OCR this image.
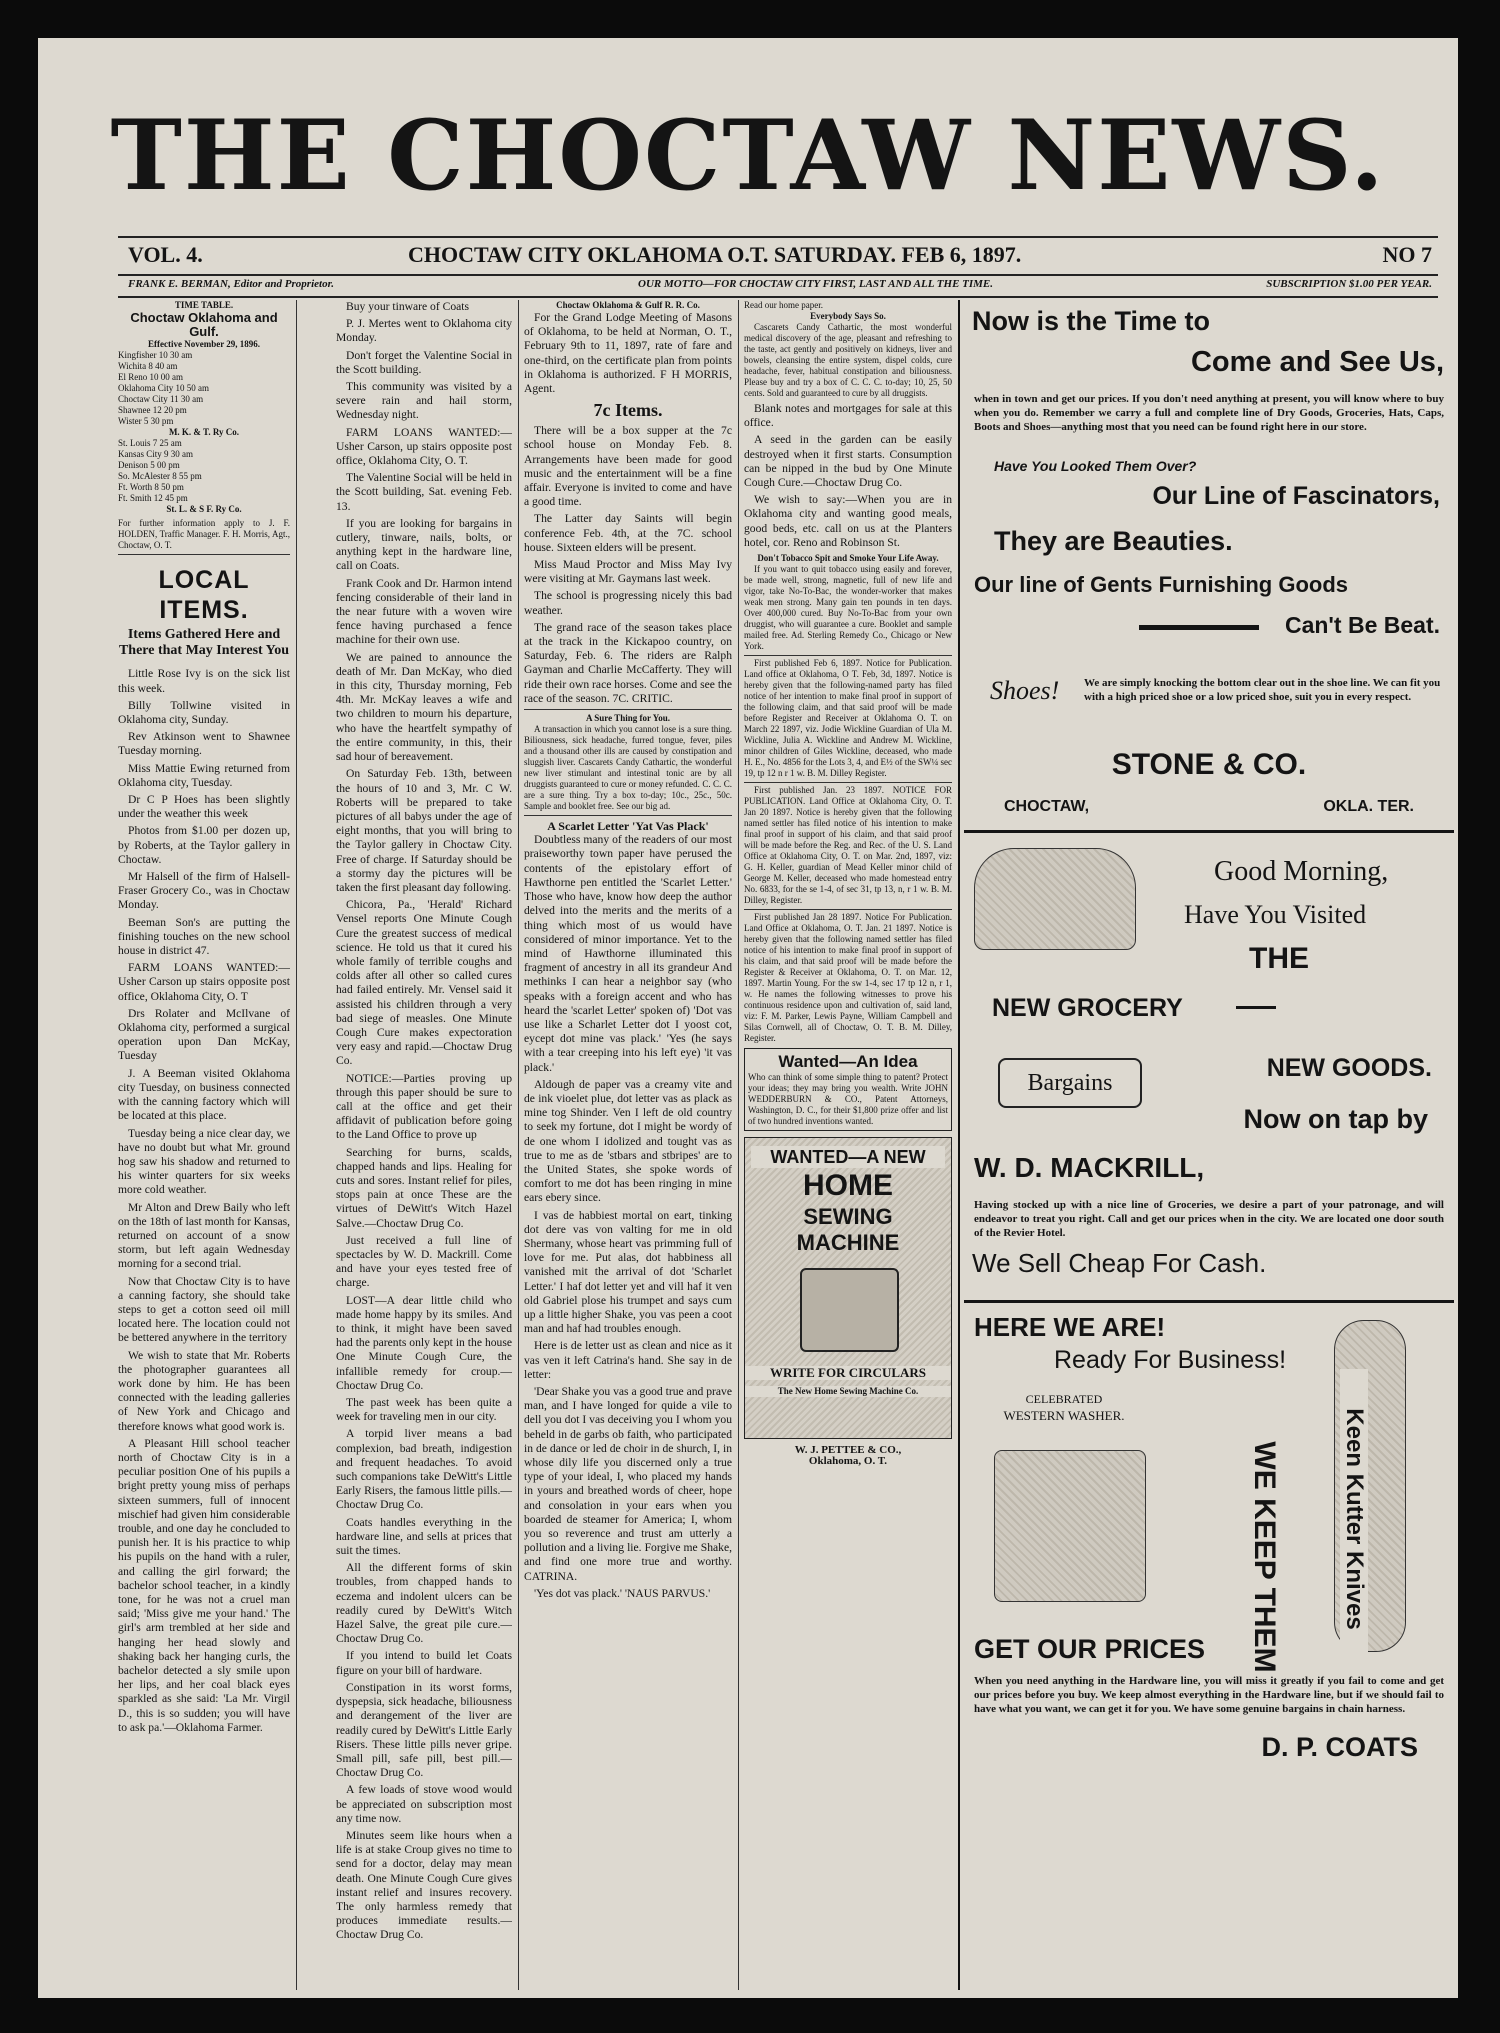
THE CHOCTAW NEWS.
VOL. 4.	CHOCTAW CITY OKLAHOMA O.T. SATURDAY. FEB 6, 1897.	NO 7
FRANK E. BERMAN, Editor and Proprietor.	OUR MOTTO—FOR CHOCTAW CITY FIRST, LAST AND ALL THE TIME.	SUBSCRIPTION $1.00 PER YEAR.
TIME TABLE.
Choctaw Oklahoma and Gulf.
Effective November 29, 1896.
Kingfisher 10 30 am
Wichita 8 40 am
El Reno 10 00 am
Oklahoma City 10 50 am
Choctaw City 11 30 am
Shawnee 12 20 pm
Wister 5 30 pm
M. K. & T. Ry Co.
St. Louis 7 25 am
Kansas City 9 30 am
Denison 5 00 pm
So. McAlester 8 55 pm
Ft. Worth 8 50 pm
Ft. Smith 12 45 pm
St. L. & S F. Ry Co.
For further information apply to J. F. HOLDEN, Traffic Manager. F. H. Morris, Agt., Choctaw, O. T.
LOCAL ITEMS.
Items Gathered Here and There that May Interest You

Little Rose Ivy is on the sick list this week.

Billy Tollwine visited in Oklahoma city, Sunday.

Rev Atkinson went to Shawnee Tuesday morning.

Miss Mattie Ewing returned from Oklahoma city, Tuesday.

Dr C P Hoes has been slightly under the weather this week

Photos from $1.00 per dozen up, by Roberts, at the Taylor gallery in Choctaw.

Mr Halsell of the firm of Halsell-Fraser Grocery Co., was in Choctaw Monday.

Beeman Son's are putting the finishing touches on the new school house in district 47.

FARM LOANS WANTED:—Usher Carson up stairs opposite post office, Oklahoma City, O. T

Drs Rolater and McIlvane of Oklahoma city, performed a surgical operation upon Dan McKay, Tuesday

J. A Beeman visited Oklahoma city Tuesday, on business connected with the canning factory which will be located at this place.

Tuesday being a nice clear day, we have no doubt but what Mr. ground hog saw his shadow and returned to his winter quarters for six weeks more cold weather.

Mr Alton and Drew Baily who left on the 18th of last month for Kansas, returned on account of a snow storm, but left again Wednesday morning for a second trial.

Now that Choctaw City is to have a canning factory, she should take steps to get a cotton seed oil mill located here. The location could not be bettered anywhere in the territory

We wish to state that Mr. Roberts the photographer guarantees all work done by him. He has been connected with the leading galleries of New York and Chicago and therefore knows what good work is.

A Pleasant Hill school teacher north of Choctaw City is in a peculiar position One of his pupils a bright pretty young miss of perhaps sixteen summers, full of innocent mischief had given him considerable trouble, and one day he concluded to punish her. It is his practice to whip his pupils on the hand with a ruler, and calling the girl forward; the bachelor school teacher, in a kindly tone, for he was not a cruel man said; 'Miss give me your hand.' The girl's arm trembled at her side and hanging her head slowly and shaking back her hanging curls, the bachelor detected a sly smile upon her lips, and her coal black eyes sparkled as she said: 'La Mr. Virgil D., this is so sudden; you will have to ask pa.'—Oklahoma Farmer.

Buy your tinware of Coats

P. J. Mertes went to Oklahoma city Monday.

Don't forget the Valentine Social in the Scott building.

This community was visited by a severe rain and hail storm, Wednesday night.

FARM LOANS WANTED:—Usher Carson, up stairs opposite post office, Oklahoma City, O. T.

The Valentine Social will be held in the Scott building, Sat. evening Feb. 13.

If you are looking for bargains in cutlery, tinware, nails, bolts, or anything kept in the hardware line, call on Coats.

Frank Cook and Dr. Harmon intend fencing considerable of their land in the near future with a woven wire fence having purchased a fence machine for their own use.

We are pained to announce the death of Mr. Dan McKay, who died in this city, Thursday morning, Feb 4th. Mr. McKay leaves a wife and two children to mourn his departure, who have the heartfelt sympathy of the entire community, in this, their sad hour of bereavement.

On Saturday Feb. 13th, between the hours of 10 and 3, Mr. C W. Roberts will be prepared to take pictures of all babys under the age of eight months, that you will bring to the Taylor gallery in Choctaw City. Free of charge. If Saturday should be a stormy day the pictures will be taken the first pleasant day following.

Chicora, Pa., 'Herald' Richard Vensel reports One Minute Cough Cure the greatest success of medical science. He told us that it cured his whole family of terrible coughs and colds after all other so called cures had failed entirely. Mr. Vensel said it assisted his children through a very bad siege of measles. One Minute Cough Cure makes expectoration very easy and rapid.—Choctaw Drug Co.

NOTICE:—Parties proving up through this paper should be sure to call at the office and get their affidavit of publication before going to the Land Office to prove up

Searching for burns, scalds, chapped hands and lips. Healing for cuts and sores. Instant relief for piles, stops pain at once These are the virtues of DeWitt's Witch Hazel Salve.—Choctaw Drug Co.

Just received a full line of spectacles by W. D. Mackrill. Come and have your eyes tested free of charge.

LOST—A dear little child who made home happy by its smiles. And to think, it might have been saved had the parents only kept in the house One Minute Cough Cure, the infallible remedy for croup.—Choctaw Drug Co.

The past week has been quite a week for traveling men in our city.

A torpid liver means a bad complexion, bad breath, indigestion and frequent headaches. To avoid such companions take DeWitt's Little Early Risers, the famous little pills.—Choctaw Drug Co.

Coats handles everything in the hardware line, and sells at prices that suit the times.

All the different forms of skin troubles, from chapped hands to eczema and indolent ulcers can be readily cured by DeWitt's Witch Hazel Salve, the great pile cure.—Choctaw Drug Co.

If you intend to build let Coats figure on your bill of hardware.

Constipation in its worst forms, dyspepsia, sick headache, biliousness and derangement of the liver are readily cured by DeWitt's Little Early Risers. These little pills never gripe. Small pill, safe pill, best pill.—Choctaw Drug Co.

A few loads of stove wood would be appreciated on subscription most any time now.

Minutes seem like hours when a life is at stake Croup gives no time to send for a doctor, delay may mean death. One Minute Cough Cure gives instant relief and insures recovery. The only harmless remedy that produces immediate results.—Choctaw Drug Co.

Choctaw Oklahoma & Gulf R. R. Co.

For the Grand Lodge Meeting of Masons of Oklahoma, to be held at Norman, O. T., February 9th to 11, 1897, rate of fare and one-third, on the certificate plan from points in Oklahoma is authorized. F H MORRIS, Agent.

7c Items.

There will be a box supper at the 7c school house on Monday Feb. 8. Arrangements have been made for good music and the entertainment will be a fine affair. Everyone is invited to come and have a good time.

The Latter day Saints will begin conference Feb. 4th, at the 7C. school house. Sixteen elders will be present.

Miss Maud Proctor and Miss May Ivy were visiting at Mr. Gaymans last week.

The school is progressing nicely this bad weather.

The grand race of the season takes place at the track in the Kickapoo country, on Saturday, Feb. 6. The riders are Ralph Gayman and Charlie McCafferty. They will ride their own race horses. Come and see the race of the season. 7C. CRITIC.

A Sure Thing for You.

A transaction in which you cannot lose is a sure thing. Biliousness, sick headache, furred tongue, fever, piles and a thousand other ills are caused by constipation and sluggish liver. Cascarets Candy Cathartic, the wonderful new liver stimulant and intestinal tonic are by all druggists guaranteed to cure or money refunded. C. C. C. are a sure thing. Try a box to-day; 10c., 25c., 50c. Sample and booklet free. See our big ad.

A Scarlet Letter 'Yat Vas Plack'

Doubtless many of the readers of our most praiseworthy town paper have perused the contents of the epistolary effort of Hawthorne pen entitled the 'Scarlet Letter.' Those who have, know how deep the author delved into the merits and the merits of a thing which most of us would have considered of minor importance. Yet to the mind of Hawthorne illuminated this fragment of ancestry in all its grandeur And methinks I can hear a neighbor say (who speaks with a foreign accent and who has heard the 'scarlet Letter' spoken of) 'Dot vas use like a Scharlet Letter dot I yoost cot, eycept dot mine vas plack.' 'Yes (he says with a tear creeping into his left eye) 'it vas plack.'

Aldough de paper vas a creamy vite and de ink vioelet plue, dot letter vas as plack as mine tog Shinder. Ven I left de old country to seek my fortune, dot I might be wordy of de one whom I idolized and tought vas as true to me as de 'stbars and stbripes' are to the United States, she spoke words of comfort to me dot has been ringing in mine ears ebery since.

I vas de habbiest mortal on eart, tinking dot dere vas von valting for me in old Shermany, whose heart vas primming full of love for me. Put alas, dot habbiness all vanished mit the arrival of dot 'Scharlet Letter.' I haf dot letter yet and vill haf it ven old Gabriel plose his trumpet and says cum up a little higher Shake, you vas peen a coot man and haf had troubles enough.

Here is de letter ust as clean and nice as it vas ven it left Catrina's hand. She say in de letter:

'Dear Shake you vas a good true and prave man, and I have longed for quide a vile to dell you dot I vas deceiving you I whom you beheld in de garbs ob faith, who participated in de dance or led de choir in de shurch, I, in whose dily life you discerned only a true type of your ideal, I, who placed my hands in yours and breathed words of cheer, hope and consolation in your ears when you boarded de steamer for America; I, whom you so reverence and trust am utterly a pollution and a living lie. Forgive me Shake, and find one more true and worthy. CATRINA.

'Yes dot vas plack.' 'NAUS PARVUS.'

Read our home paper.
Everybody Says So.

Cascarets Candy Cathartic, the most wonderful medical discovery of the age, pleasant and refreshing to the taste, act gently and positively on kidneys, liver and bowels, cleansing the entire system, dispel colds, cure headache, fever, habitual constipation and biliousness. Please buy and try a box of C. C. C. to-day; 10, 25, 50 cents. Sold and guaranteed to cure by all druggists.

Blank notes and mortgages for sale at this office.

A seed in the garden can be easily destroyed when it first starts. Consumption can be nipped in the bud by One Minute Cough Cure.—Choctaw Drug Co.

We wish to say:—When you are in Oklahoma city and wanting good meals, good beds, etc. call on us at the Planters hotel, cor. Reno and Robinson St.

Don't Tobacco Spit and Smoke Your Life Away.

If you want to quit tobacco using easily and forever, be made well, strong, magnetic, full of new life and vigor, take No-To-Bac, the wonder-worker that makes weak men strong. Many gain ten pounds in ten days. Over 400,000 cured. Buy No-To-Bac from your own druggist, who will guarantee a cure. Booklet and sample mailed free. Ad. Sterling Remedy Co., Chicago or New York.

First published Feb 6, 1897. Notice for Publication. Land office at Oklahoma, O T. Feb, 3d, 1897. Notice is hereby given that the following-named party has filed notice of her intention to make final proof in support of the following claim, and that said proof will be made before Register and Receiver at Oklahoma O. T. on March 22 1897, viz. Jodie Wickline Guardian of Ula M. Wickline, Julia A. Wickline and Andrew M. Wickline, minor children of Giles Wickline, deceased, who made H. E., No. 4856 for the Lots 3, 4, and E½ of the SW¼ sec 19, tp 12 n r 1 w. B. M. Dilley Register.

First published Jan. 23 1897. NOTICE FOR PUBLICATION. Land Office at Oklahoma City, O. T. Jan 20 1897. Notice is hereby given that the following named settler has filed notice of his intention to make final proof in support of his claim, and that said proof will be made before the Reg. and Rec. of the U. S. Land Office at Oklahoma City, O. T. on Mar. 2nd, 1897, viz: G. H. Keller, guardian of Mead Keller minor child of George M. Keller, deceased who made homestead entry No. 6833, for the se 1-4, of sec 31, tp 13, n, r 1 w. B. M. Dilley, Register.

First published Jan 28 1897. Notice For Publication. Land Office at Oklahoma, O. T. Jan. 21 1897. Notice is hereby given that the following named settler has filed notice of his intention to make final proof in support of his claim, and that said proof will be made before the Register & Receiver at Oklahoma, O. T. on Mar. 12, 1897. Martin Young. For the sw 1-4, sec 17 tp 12 n, r 1, w. He names the following witnesses to prove his continuous residence upon and cultivation of, said land, viz: F. M. Parker, Lewis Payne, William Campbell and Silas Cornwell, all of Choctaw, O. T. B. M. Dilley, Register.

Wanted—An Idea
Who can think of some simple thing to patent? Protect your ideas; they may bring you wealth. Write JOHN WEDDERBURN & CO., Patent Attorneys, Washington, D. C., for their $1,800 prize offer and list of two hundred inventions wanted.
WANTED—A NEW
HOME
SEWING
MACHINE
WRITE FOR CIRCULARS
The New Home Sewing Machine Co.
W. J. PETTEE & CO.,
Oklahoma, O. T.
Now is the Time to
Come and See Us,
when in town and get our prices. If you don't need anything at present, you will know where to buy when you do. Remember we carry a full and complete line of Dry Goods, Groceries, Hats, Caps, Boots and Shoes—anything most that you need can be found right here in our store.
Have You Looked Them Over?
Our Line of Fascinators,
They are Beauties.
Our line of Gents Furnishing Goods
Can't Be Beat.
Shoes! We are simply knocking the bottom clear out in the shoe line. We can fit you with a high priced shoe or a low priced shoe, suit you in every respect.
STONE & CO.
CHOCTAW,	OKLA. TER.
Good Morning,
Have You Visited
THE
NEW GROCERY
Bargains
NEW GOODS.
Now on tap by
W. D. MACKRILL,
Having stocked up with a nice line of Groceries, we desire a part of your patronage, and will endeavor to treat you right. Call and get our prices when in the city. We are located one door south of the Revier Hotel.
We Sell Cheap For Cash.
HERE WE ARE!
Ready For Business!
CELEBRATED
WESTERN WASHER.
WE KEEP THEM	Keen Kutter Knives
GET OUR PRICES
When you need anything in the Hardware line, you will miss it greatly if you fail to come and get our prices before you buy. We keep almost everything in the Hardware line, but if we should fail to have what you want, we can get it for you. We have some genuine bargains in chain harness.
D. P. COATS
